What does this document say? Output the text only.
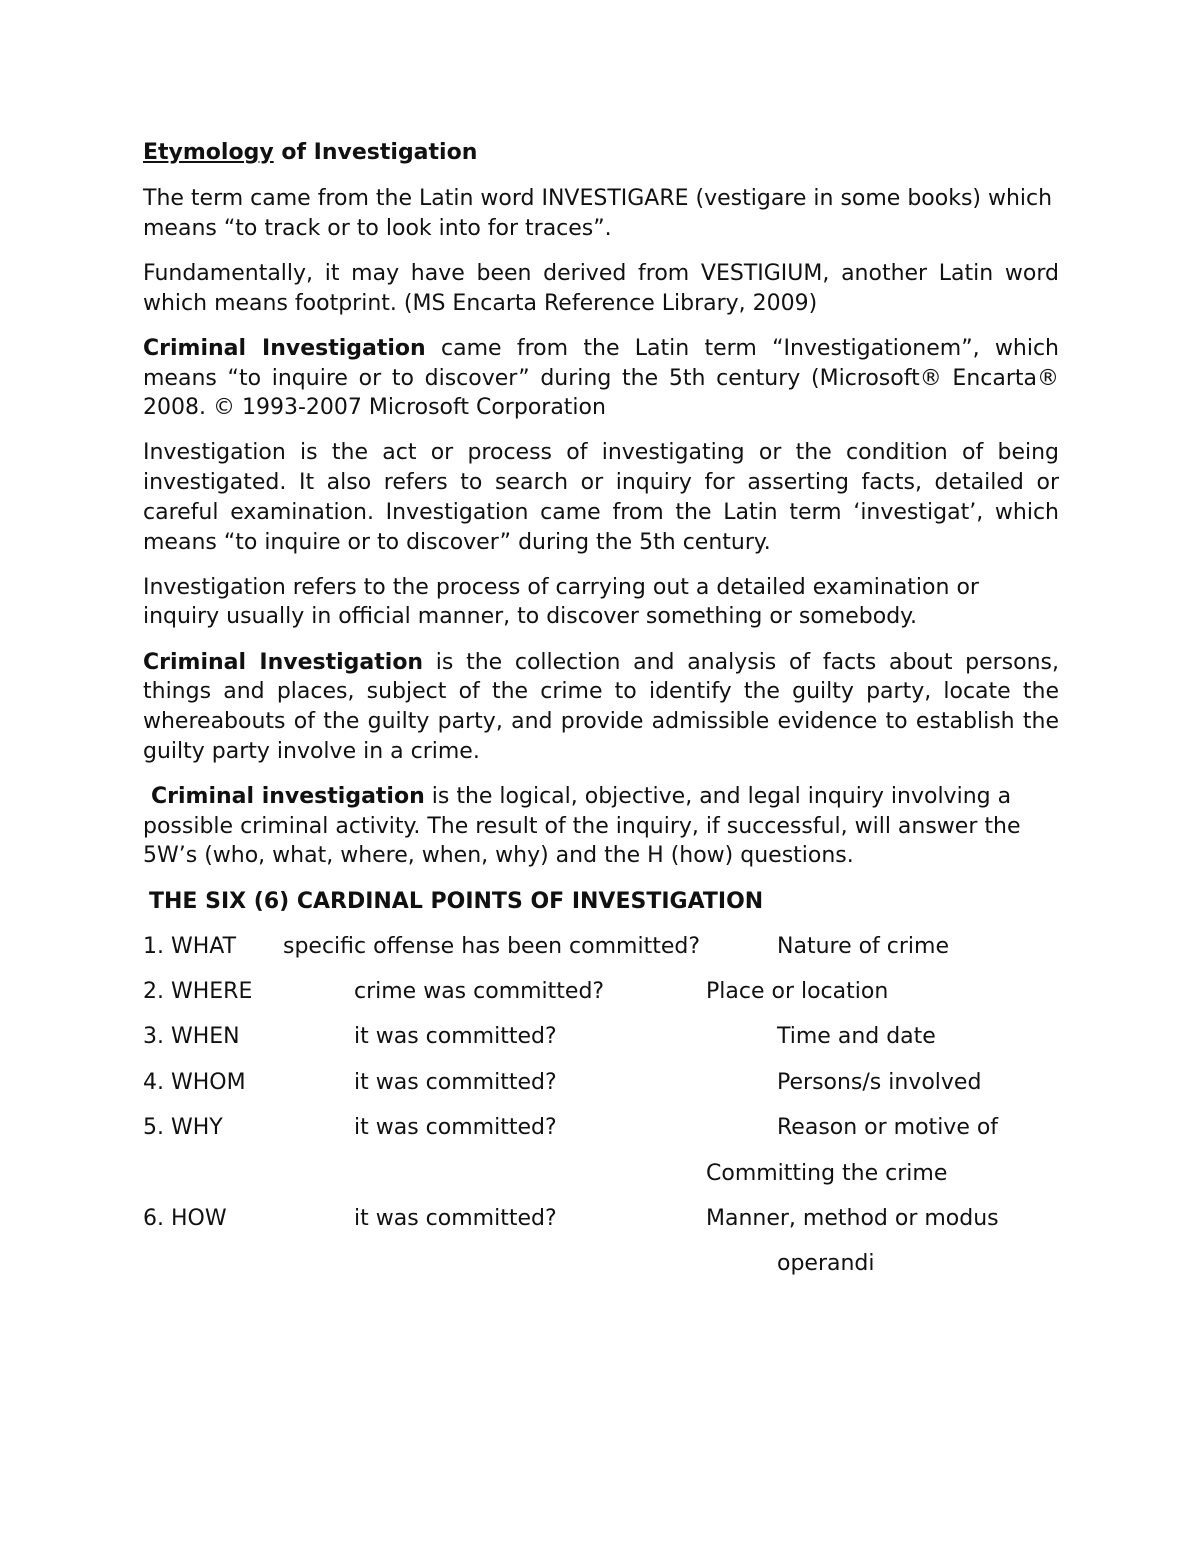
Etymology of Investigation

The term came from the Latin word INVESTIGARE (vestigare in some books) which means “to track or to look into for traces”.

Fundamentally, it may have been derived from VESTIGIUM, another Latin word which means footprint. (MS Encarta Reference Library, 2009)

Criminal Investigation came from the Latin term “Investigationem”, which means “to inquire or to discover” during the 5th century (Microsoft® Encarta® 2008. © 1993-2007 Microsoft Corporation

Investigation is the act or process of investigating or the condition of being investigated. It also refers to search or inquiry for asserting facts, detailed or careful examination. Investigation came from the Latin term ‘investigat’, which means “to inquire or to discover” during the 5th century.

Investigation refers to the process of carrying out a detailed examination or inquiry usually in official manner, to discover something or somebody.

Criminal Investigation is the collection and analysis of facts about persons, things and places, subject of the crime to identify the guilty party, locate the whereabouts of the guilty party, and provide admissible evidence to establish the guilty party involve in a crime.

Criminal investigation is the logical, objective, and legal inquiry involving a possible criminal activity. The result of the inquiry, if successful, will answer the 5W’s (who, what, where, when, why) and the H (how) questions.

THE SIX (6) CARDINAL POINTS OF INVESTIGATION
1. WHAT specific offense has been committed?	Nature of crime
2. WHERE	crime was committed?	Place or location
3. WHEN	it was committed?	Time and date
4. WHOM	it was committed?	Persons/s involved
5. WHY	it was committed?	Reason or motive of
Committing the crime
6. HOW	it was committed?	Manner, method or modus
operandi
